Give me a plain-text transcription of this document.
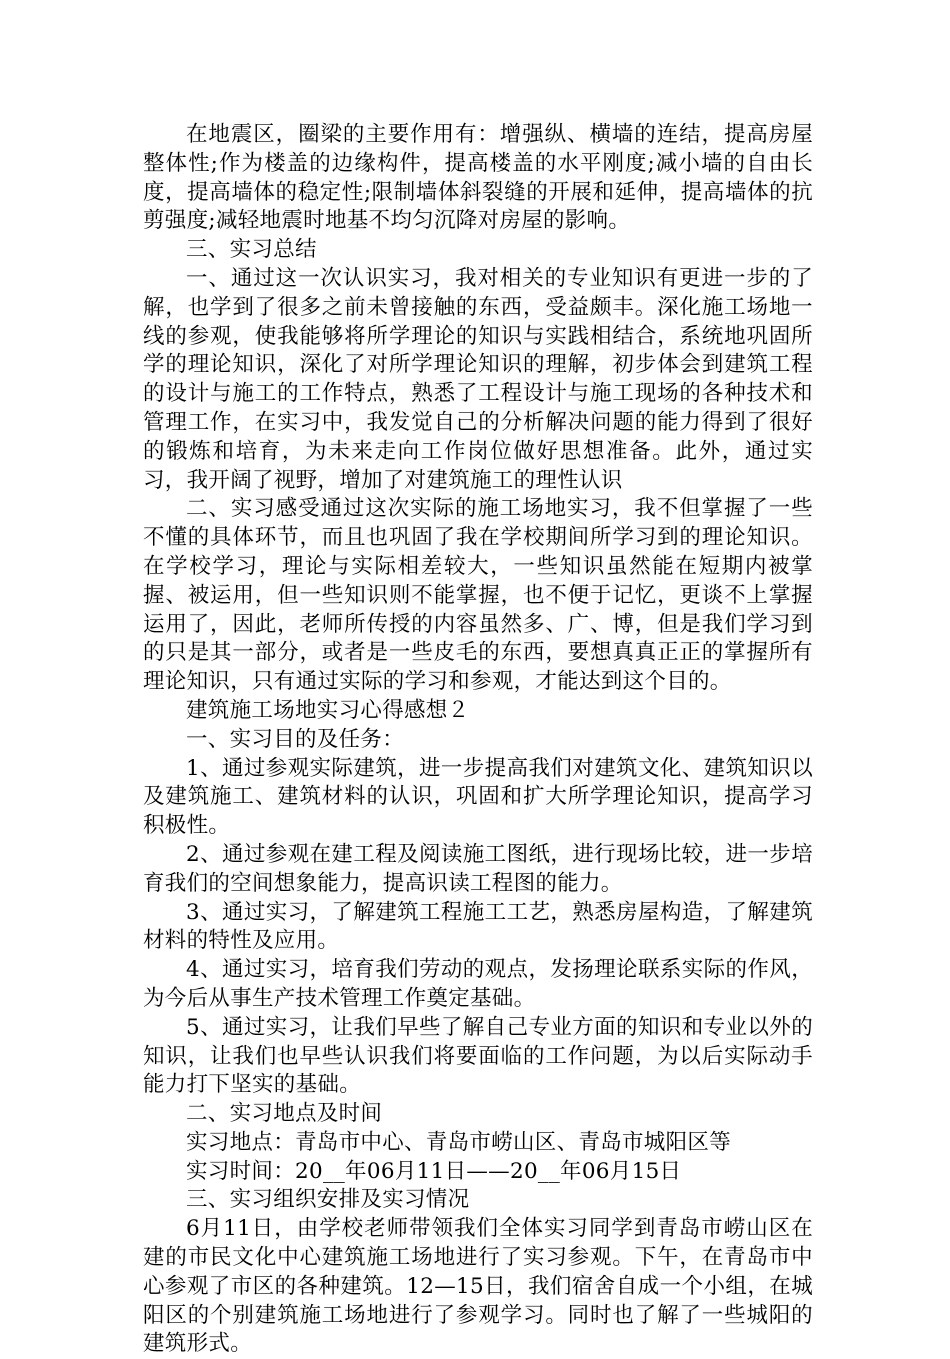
在地震区，圈梁的主要作用有：增强纵、横墙的连结，提高房屋整体性;作为楼盖的边缘构件，提高楼盖的水平刚度;减小墙的自由长度，提高墙体的稳定性;限制墙体斜裂缝的开展和延伸，提高墙体的抗剪强度;减轻地震时地基不均匀沉降对房屋的影响。

三、实习总结

一、通过这一次认识实习，我对相关的专业知识有更进一步的了解，也学到了很多之前未曾接触的东西，受益颇丰。深化施工场地一线的参观，使我能够将所学理论的知识与实践相结合，系统地巩固所学的理论知识，深化了对所学理论知识的理解，初步体会到建筑工程的设计与施工的工作特点，熟悉了工程设计与施工现场的各种技术和管理工作，在实习中，我发觉自己的分析解决问题的能力得到了很好的锻炼和培育，为未来走向工作岗位做好思想准备。此外，通过实习，我开阔了视野，增加了对建筑施工的理性认识

二、实习感受通过这次实际的施工场地实习，我不但掌握了一些不懂的具体环节，而且也巩固了我在学校期间所学习到的理论知识。在学校学习，理论与实际相差较大，一些知识虽然能在短期内被掌握、被运用，但一些知识则不能掌握，也不便于记忆，更谈不上掌握运用了，因此，老师所传授的内容虽然多、广、博，但是我们学习到的只是其一部分，或者是一些皮毛的东西，要想真真正正的掌握所有理论知识，只有通过实际的学习和参观，才能达到这个目的。

建筑施工场地实习心得感想２

一、实习目的及任务：

1、通过参观实际建筑，进一步提高我们对建筑文化、建筑知识以及建筑施工、建筑材料的认识，巩固和扩大所学理论知识，提高学习积极性。

2、通过参观在建工程及阅读施工图纸，进行现场比较，进一步培育我们的空间想象能力，提高识读工程图的能力。

3、通过实习，了解建筑工程施工工艺，熟悉房屋构造，了解建筑材料的特性及应用。

4、通过实习，培育我们劳动的观点，发扬理论联系实际的作风，为今后从事生产技术管理工作奠定基础。

5、通过实习，让我们早些了解自己专业方面的知识和专业以外的知识，让我们也早些认识我们将要面临的工作问题，为以后实际动手能力打下坚实的基础。

二、实习地点及时间

实习地点：青岛市中心、青岛市崂山区、青岛市城阳区等

实习时间：20__年06月11日——20__年06月15日

三、实习组织安排及实习情况

6月11日，由学校老师带领我们全体实习同学到青岛市崂山区在建的市民文化中心建筑施工场地进行了实习参观。下午，在青岛市中心参观了市区的各种建筑。12—15日，我们宿舍自成一个小组，在城阳区的个别建筑施工场地进行了参观学习。同时也了解了一些城阳的建筑形式。
